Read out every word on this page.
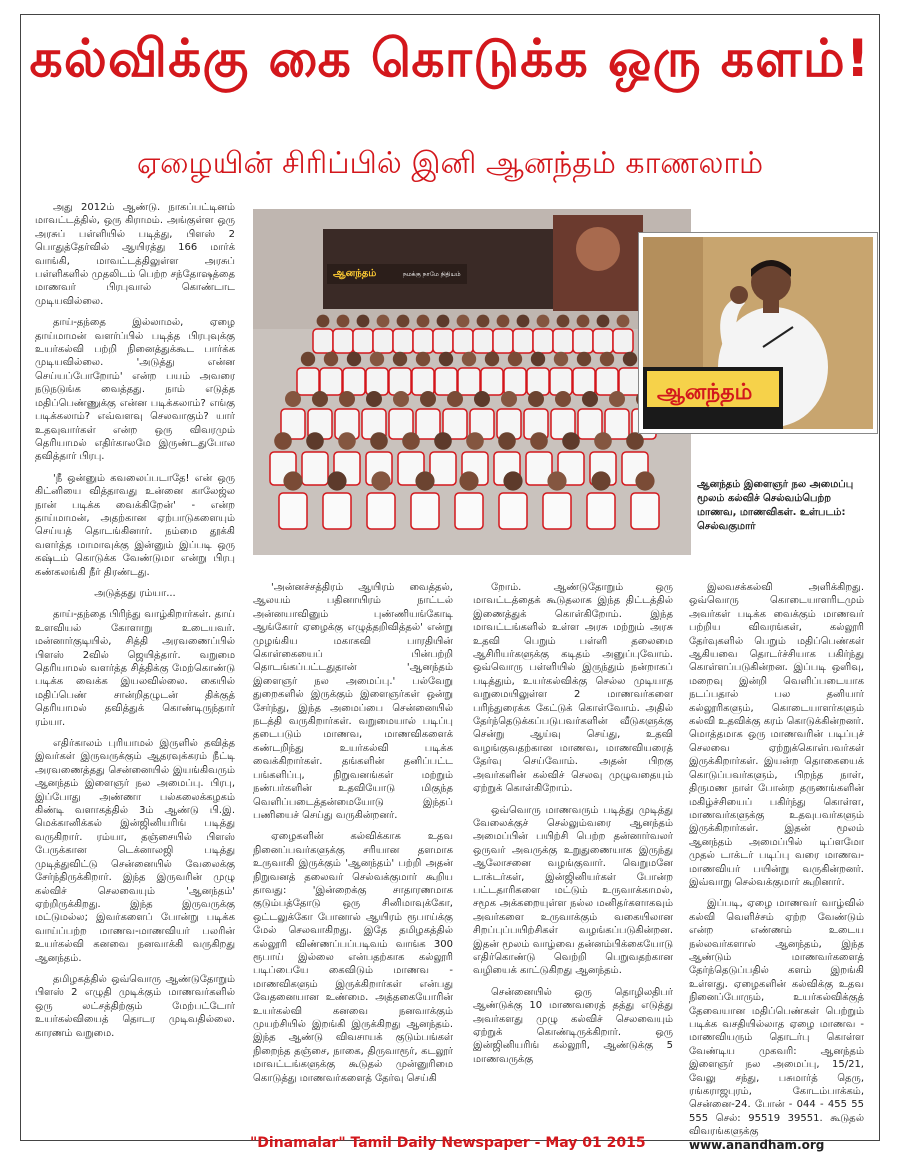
கல்விக்கு கை கொடுக்க ஒரு களம்!
ஏழையின் சிரிப்பில் இனி ஆனந்தம் காணலாம்

அது 2012ம் ஆண்டு. நாகப்பட்டினம் மாவட்டத்தில், ஒரு கிராமம். அங்குள்ள ஒரு அரசுப் பள்ளியில் படித்து, பிளஸ் 2 பொதுத்தேர்வில் ஆயிரத்து 166 மார்க் வாங்கி, மாவட்டத்திலுள்ள அரசுப் பள்ளிகளில் முதலிடம் பெற்ற சந்தோஷத்தை மாணவர் பிரபுவால் கொண்டாட முடியவில்லை.

தாய்-தந்தை இல்லாமல், ஏழை தாய்மாமன் வளர்ப்பில் படித்த பிரபுவுக்கு உயர்கல்வி பற்றி நினைத்துக்கூட பார்க்க முடியவில்லை. 'அடுத்து என்ன செய்யப்போறோம்' என்ற பயம் அவரை நடுநடுங்க வைத்தது. நாம் எடுத்த மதிப்பெண்ணுக்கு என்ன படிக்கலாம்? எங்கு படிக்கலாம்? எவ்வளவு செலவாகும்? யார் உதவுவார்கள் என்ற ஒரு விவரமும் தெரியாமல் எதிர்காலமே இருண்டதுபோல தவித்தார் பிரபு.

'நீ ஒன்னும் கவலைப்படாதே! என் ஒரு கிட்னியை வித்தாவது உன்னை காலேஜ்ல நான் படிக்க வைக்கிறேன்' - என்ற தாய்மாமன், அதற்கான ஏற்பாடுகளையும் செய்யத் தொடங்கினார். நம்மை தூக்கி வளர்த்த மாமாவுக்கு இன்னும் இப்படி ஒரு கஷ்டம் கொடுக்க வேண்டுமா என்று பிரபு கண்கலங்கி நீர் திரண்டது.

அடுத்தது ரம்யா...

தாய்-தந்தை பிரிந்து வாழ்கிறார்கள். தாய் உளவியல் கோளாறு உடையவர். மன்னார்குடியில், சித்தி அரவணைப்பில் பிளஸ் 2வில் ஜெயித்தார். வறுமை தெரியாமல் வளர்த்த சித்திக்கு மேற்கொண்டு படிக்க வைக்க இயலவில்லை. கையில் மதிப்பெண் சான்றிதழுடன் திக்குத் தெரியாமல் தவித்துக் கொண்டிருந்தார் ரம்யா.

எதிர்காலம் புரியாமல் இருளில் தவித்த இவர்கள் இருவருக்கும் ஆதரவுக்கரம் நீட்டி அரவணைத்தது சென்னையில் இயங்கிவரும் ஆனந்தம் இளைஞர் நல அமைப்பு. பிரபு, இப்போது அண்ணா பல்கலைக்கழகம் கிண்டி வளாகத்தில் 3ம் ஆண்டு பி.இ. மெக்கானிக்கல் இன்ஜினியரிங் படித்து வருகிறார். ரம்யா, தஞ்சையில் பிளஸ் பேருக்கான டெக்னாலஜி படித்து முடித்துவிட்டு சென்னையில் வேலைக்கு சேர்ந்திருக்கிறார். இந்த இருவரின் முழு கல்விச் செலவையும் 'ஆனந்தம்' ஏற்றிருக்கிறது. இந்த இருவருக்கு மட்டுமல்ல; இவர்களைப் போன்று படிக்க வாய்ப்பற்ற மாணவ-மாணவியர் பலரின் உயர்கல்வி கனவை நனவாக்கி வருகிறது ஆனந்தம்.

தமிழகத்தில் ஒவ்வொரு ஆண்டுதோறும் பிளஸ் 2 எழுதி முடிக்கும் மாணவர்களில் ஒரு லட்சத்திற்கும் மேற்பட்டோர் உயர்கல்வியைத் தொடர முடிவதில்லை. காரணம் வறுமை.

ஆனந்தம்	நமக்கு நாமே நிதியம்
ஆனந்தம்
ஆனந்தம் இளைஞர் நல அமைப்பு மூலம் கல்விச் செல்வம்பெற்ற மாணவ, மாணவிகள். உள்படம்: செல்வகுமார்

'அன்னச்சத்திரம் ஆயிரம் வைத்தல், ஆலயம் பதினாயிரம் நாட்டல் அன்னயாவினும் புண்ணியங்கோடி ஆங்கோர் ஏழைக்கு எழுத்தறிவித்தல்' என்று முழங்கிய மகாகவி பாரதியின் கொள்கையைப் பின்பற்றி தொடங்கப்பட்டதுதான் 'ஆனந்தம் இளைஞர் நல அமைப்பு.' பல்வேறு துறைகளில் இருக்கும் இளைஞர்கள் ஒன்று சேர்ந்து, இந்த அமைப்பை சென்னையில் நடத்தி வருகிறார்கள். வறுமையால் படிப்பு தடைபடும் மாணவ, மாணவிகளைக் கண்டறிந்து உயர்கல்வி படிக்க வைக்கிறார்கள். தங்களின் தனிப்பட்ட பங்களிப்பு, நிறுவனங்கள் மற்றும் நண்பர்களின் உதவியோடு மிகுந்த வெளிப்படைத்தன்மையோடு இந்தப் பணியைச் செய்து வருகின்றனர்.

ஏழைகளின் கல்விக்காக உதவ நினைப்பவர்களுக்கு சரியான தளமாக உருவாகி இருக்கும் 'ஆனந்தம்' பற்றி அதன் நிறுவனத் தலைவர் செல்வக்குமார் கூறிய தாவது: 'இன்றைக்கு சாதாரணமாக குடும்பத்தோடு ஒரு சினிமாவுக்கோ, ஒட்டலுக்கோ போனால் ஆயிரம் ரூபாய்க்கு மேல் செலவாகிறது. இதே தமிழகத்தில் கல்லூரி விண்ணப்பப்படிவம் வாங்க 300 ரூபாய் இல்லை என்பதற்காக கல்லூரி படிப்பையே கைவிடும் மாணவ - மாணவிகளும் இருக்கிறார்கள் என்பது வேதனையான உண்மை. அத்தகையோரின் உயர்கல்வி கனவை நனவாக்கும் முயற்சியில் இறங்கி இருக்கிறது ஆனந்தம். இந்த ஆண்டு விவசாயக் குடும்பங்கள் நிறைந்த தஞ்சை, நாகை, திருவாரூர், கடலூர் மாவட்டங்களுக்கு கூடுதல் முன்னுரிமை கொடுத்து மாணவர்களைத் தேர்வு செய்கி

றோம். ஆண்டுதோறும் ஒரு மாவட்டத்தைக் கூடுதலாக இந்த திட்டத்தில் இணைத்துக் கொள்கிறோம். இந்த மாவட்டங்களில் உள்ள அரசு மற்றும் அரசு உதவி பெறும் பள்ளி தலைமை ஆசிரியர்களுக்கு கடிதம் அனுப்புவோம். ஒவ்வொரு பள்ளியில் இருந்தும் நன்றாகப் படித்தும், உயர்கல்விக்கு செல்ல முடியாத வறுமையிலுள்ள 2 மாணவர்களை பரிந்துரைக்க கேட்டுக் கொள்வோம். அதில் தேர்ந்தெடுக்கப்படுபவர்களின் வீடுகளுக்கு சென்று ஆய்வு செய்து, உதவி வழங்குவதற்கான மாணவ, மாணவியரைத் தேர்வு செய்வோம். அதன் பிறகு அவர்களின் கல்விச் செலவு முழுவதையும் ஏற்றுக் கொள்கிறோம்.

ஒவ்வொரு மாணவரும் படித்து முடித்து வேலைக்குச் செல்லும்வரை ஆனந்தம் அமைப்பின் பயிற்சி பெற்ற தன்னார்வலர் ஒருவர் அவருக்கு உறுதுணையாக இருந்து ஆலோசனை வழங்குவார். வெறுமனே டாக்டர்கள், இன்ஜினியர்கள் போன்ற பட்டதாரிகளை மட்டும் உருவாக்காமல், சமூக அக்கறையுள்ள நல்ல மனிதர்களாகவும் அவர்களை உருவாக்கும் வகையிலான சிறப்புப்பயிற்சிகள் வழங்கப்படுகின்றன. இதன் மூலம் வாழ்வை தன்னம்பிக்கையோடு எதிர்கொண்டு வெற்றி பெறுவதற்கான வழியைக் காட்டுகிறது ஆனந்தம்.

சென்னையில் ஒரு தொழிலதிபர் ஆண்டுக்கு 10 மாணவரைத் தத்து எடுத்து அவர்களது முழு கல்விச் செலவையும் ஏற்றுக் கொண்டிருக்கிறார். ஒரு இன்ஜினியரிங் கல்லூரி, ஆண்டுக்கு 5 மாணவருக்கு

இலவசக்கல்வி அளிக்கிறது. ஒவ்வொரு கொடையாளரிடமும் அவர்கள் படிக்க வைக்கும் மாணவர் பற்றிய விவரங்கள், கல்லூரி தேர்வுகளில் பெறும் மதிப்பெண்கள் ஆகியவை தொடர்ச்சியாக பகிர்ந்து கொள்ளப்படுகின்றன. இப்படி ஒளிவு, மறைவு இன்றி வெளிப்படையாக நடப்பதால் பல தனியார் கல்லூரிகளும், கொடையாளர்களும் கல்வி உதவிக்கு கரம் கொடுக்கின்றனர். மொத்தமாக ஒரு மாணவரின் படிப்புச் செலவை ஏற்றுக்கொள்பவர்கள் இருக்கிறார்கள். இயன்ற தொகையைக் கொடுப்பவர்களும், பிறந்த நாள், திருமண நாள் போன்ற தருணங்களின் மகிழ்ச்சியைப் பகிர்ந்து கொள்ள, மாணவர்களுக்கு உதவுபவர்களும் இருக்கிறார்கள். இதன் மூலம் ஆனந்தம் அமைப்பில் டிப்ளமோ முதல் டாக்டர் படிப்பு வரை மாணவ- மாணவியர் பயின்று வருகின்றனர். இவ்வாறு செல்வக்குமார் கூறினார்.

இப்படி, ஏழை மாணவர் வாழ்வில் கல்வி வெளிச்சம் ஏற்ற வேண்டும் என்ற எண்ணம் உடைய நல்லவர்களால் ஆனந்தம், இந்த ஆண்டும் மாணவர்களைத் தேர்ந்தெடுப்பதில் களம் இறங்கி உள்ளது. ஏழைகளின் கல்விக்கு உதவ நினைப்போரும், உயர்கல்விக்குத் தேவையான மதிப்பெண்கள் பெற்றும் படிக்க வசதியில்லாத ஏழை மாணவ - மாணவியரும் தொடர்பு கொள்ள வேண்டிய முகவரி: ஆனந்தம் இளைஞர் நல அமைப்பு, 15/21, வேலு சந்து, பசுமார்த் தெரு, ரங்கராஜபுரம், கோடம்பாக்கம், சென்னை-24. போன் - 044 - 455 55 555 செல்: 95519 39551. கூடுதல் விவரங்களுக்கு www.anandham.org

"Dinamalar" Tamil Daily Newspaper - May 01 2015
